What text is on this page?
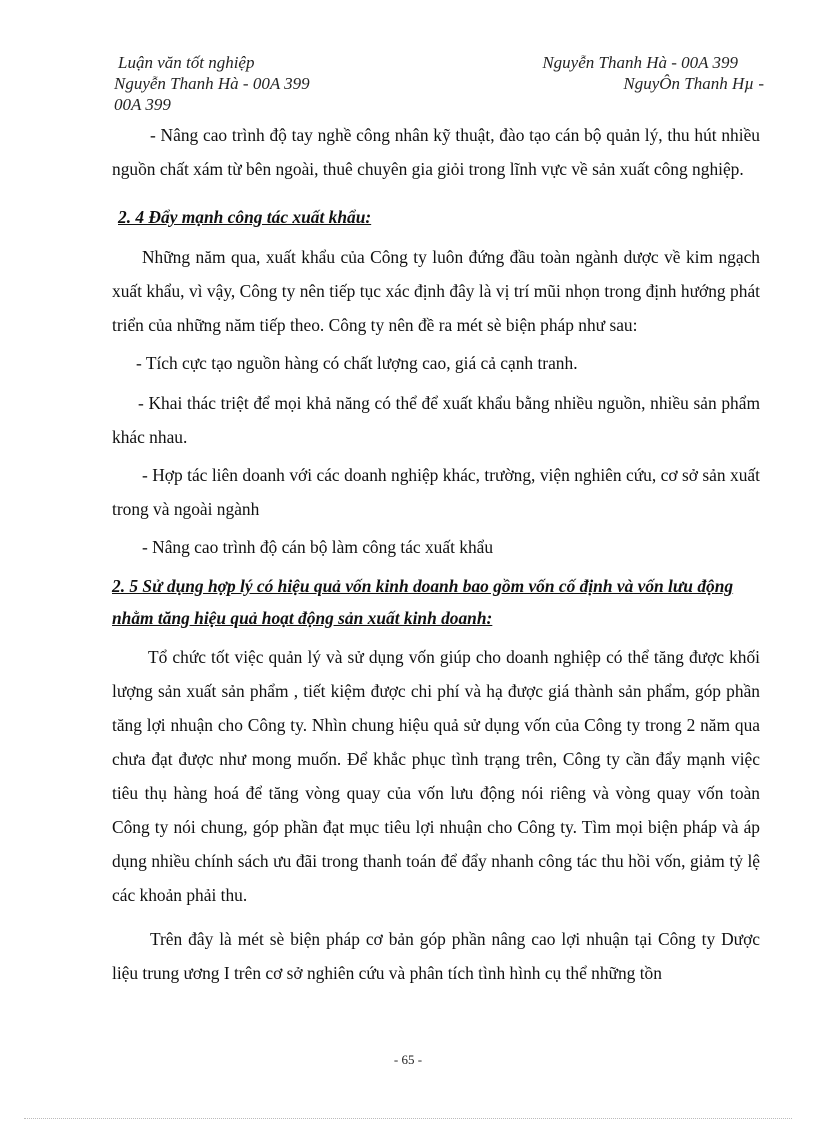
Luận văn tốt nghiệp	Nguyễn Thanh Hà - 00A 399
Nguyễn Thanh Hà - 00A 399	NguyÔn Thanh Hµ -
00A 399

- Nâng cao trình độ tay nghề công nhân kỹ thuật, đào tạo cán bộ quản lý, thu hút nhiều nguồn chất xám từ bên ngoài, thuê chuyên gia giỏi trong lĩnh vực về sản xuất công nghiệp.

2. 4 Đẩy mạnh công tác xuất khẩu:

Những năm qua, xuất khẩu của Công ty luôn đứng đầu toàn ngành dược về kim ngạch xuất khẩu, vì vậy, Công ty nên tiếp tục xác định đây là vị trí mũi nhọn trong định hướng phát triển của những năm tiếp theo. Công ty nên đề ra mét sè biện pháp như sau:

- Tích cực tạo nguồn hàng có chất lượng cao, giá cả cạnh tranh.

- Khai thác triệt để mọi khả năng có thể để xuất khẩu bằng nhiều nguồn, nhiều sản phẩm khác nhau.

- Hợp tác liên doanh với các doanh nghiệp khác, trường, viện nghiên cứu, cơ sở sản xuất trong và ngoài ngành

- Nâng cao trình độ cán bộ làm công tác xuất khẩu

2. 5 Sử dụng hợp lý có hiệu quả vốn kinh doanh bao gồm vốn cố định và vốn lưu động nhằm tăng hiệu quả hoạt động sản xuất kinh doanh:

Tổ chức tốt việc quản lý và sử dụng vốn giúp cho doanh nghiệp có thể tăng được khối lượng sản xuất sản phẩm , tiết kiệm được chi phí và hạ được giá thành sản phẩm, góp phần tăng lợi nhuận cho Công ty. Nhìn chung hiệu quả sử dụng vốn của Công ty trong 2 năm qua chưa đạt được như mong muốn. Để khắc phục tình trạng trên, Công ty cần đẩy mạnh việc tiêu thụ hàng hoá để tăng vòng quay của vốn lưu động nói riêng và vòng quay vốn toàn Công ty nói chung, góp phần đạt mục tiêu lợi nhuận cho Công ty. Tìm mọi biện pháp và áp dụng nhiều chính sách ưu đãi trong thanh toán để đẩy nhanh công tác thu hồi vốn, giảm tỷ lệ các khoản phải thu.

Trên đây là mét sè biện pháp cơ bản góp phần nâng cao lợi nhuận tại Công ty Dược liệu trung ương I trên cơ sở nghiên cứu và phân tích tình hình cụ thể những tồn

- 65 -
